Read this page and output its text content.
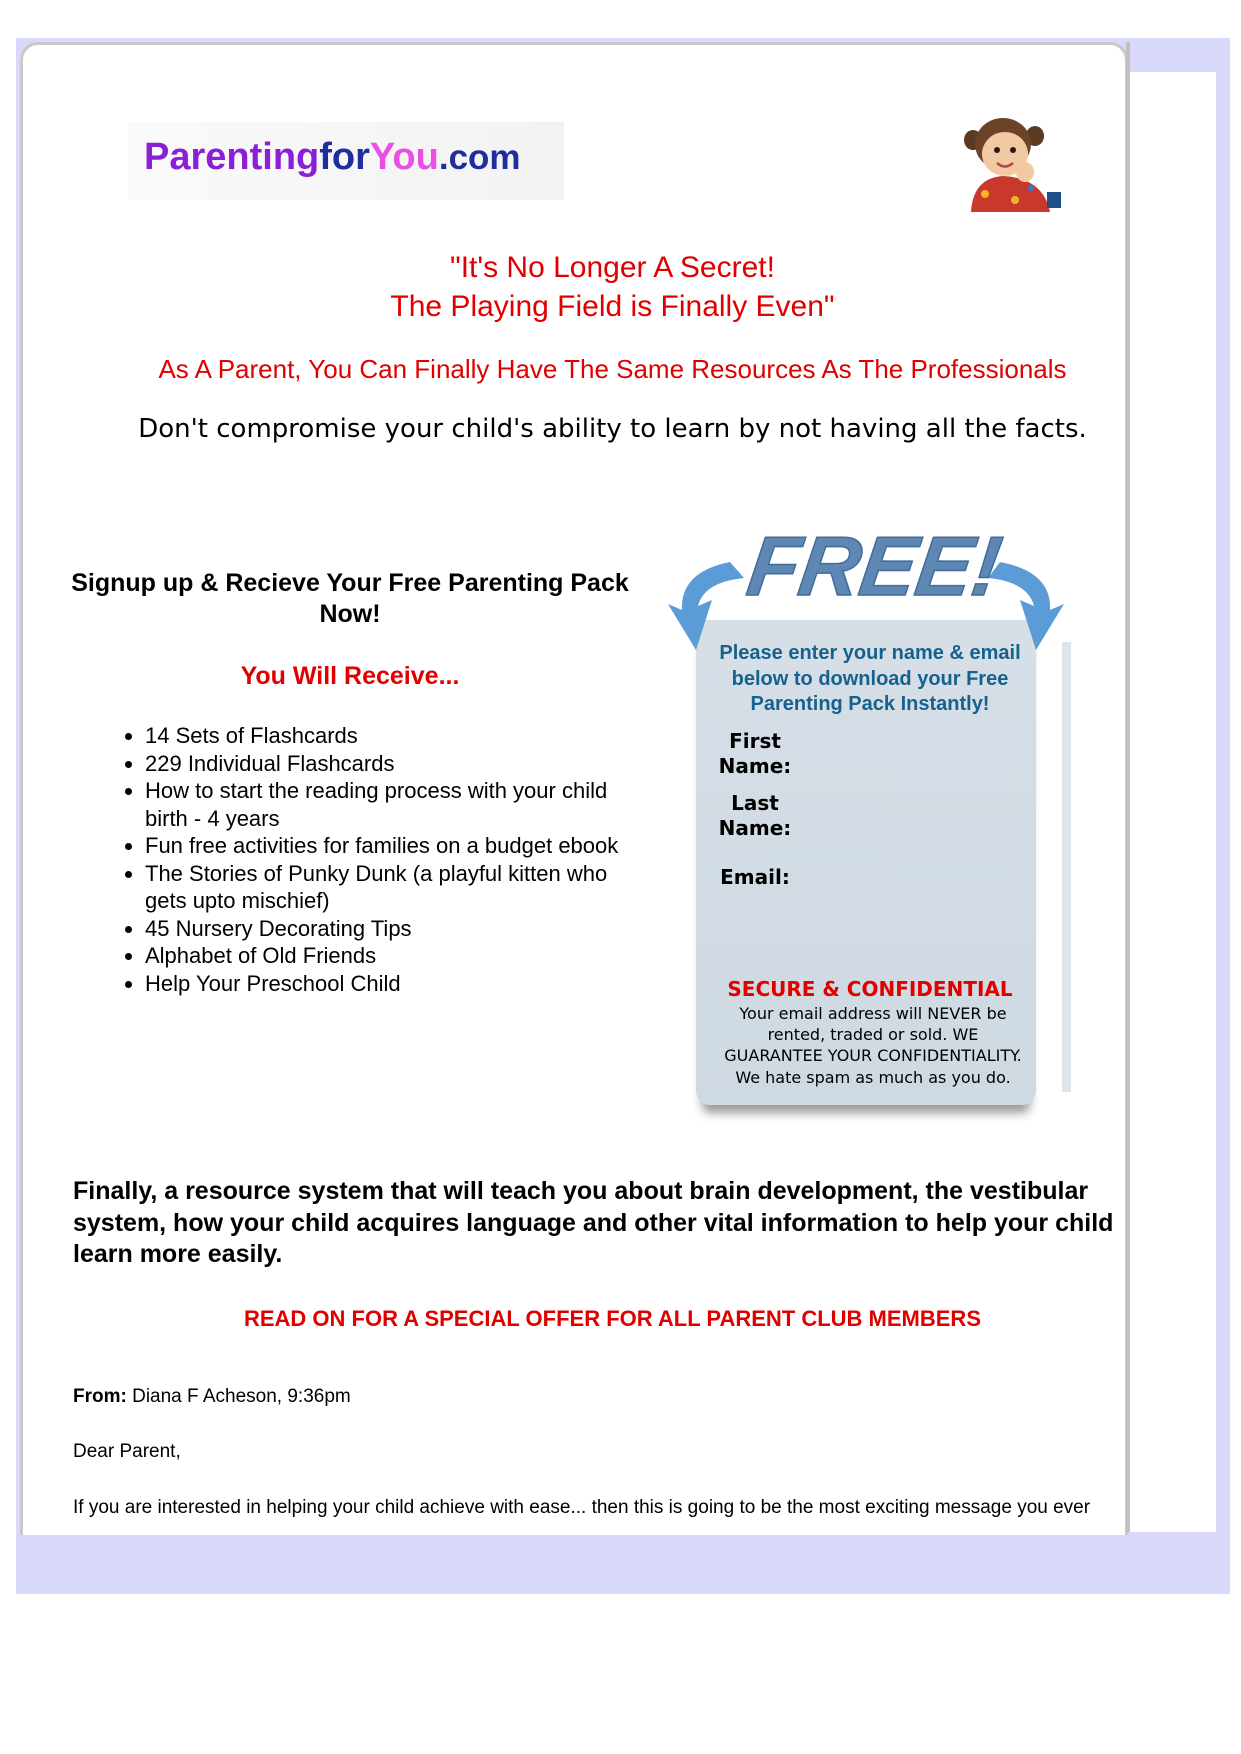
ParentingforYou.com
"It's No Longer A Secret!
The Playing Field is Finally Even"
As A Parent, You Can Finally Have The Same Resources As The Professionals
Don't compromise your child's ability to learn by not having all the facts.
Signup up & Recieve Your Free Parenting Pack Now!
You Will Receive...
• 14 Sets of Flashcards
• 229 Individual Flashcards
• How to start the reading process with your child birth - 4 years
• Fun free activities for families on a budget ebook
• The Stories of Punky Dunk (a playful kitten who gets upto mischief)
• 45 Nursery Decorating Tips
• Alphabet of Old Friends
• Help Your Preschool Child
FREE!
Please enter your name & email below to download your Free Parenting Pack Instantly!
First Name:
Last Name:
Email:
SECURE & CONFIDENTIAL
Your email address will NEVER be rented, traded or sold. WE GUARANTEE YOUR CONFIDENTIALITY.
We hate spam as much as you do.
Finally, a resource system that will teach you about brain development, the vestibular system, how your child acquires language and other vital information to help your child learn more easily.
READ ON FOR A SPECIAL OFFER FOR ALL PARENT CLUB MEMBERS
From: Diana F Acheson, 9:36pm
Dear Parent,
If you are interested in helping your child achieve with ease... then this is going to be the most exciting message you ever
